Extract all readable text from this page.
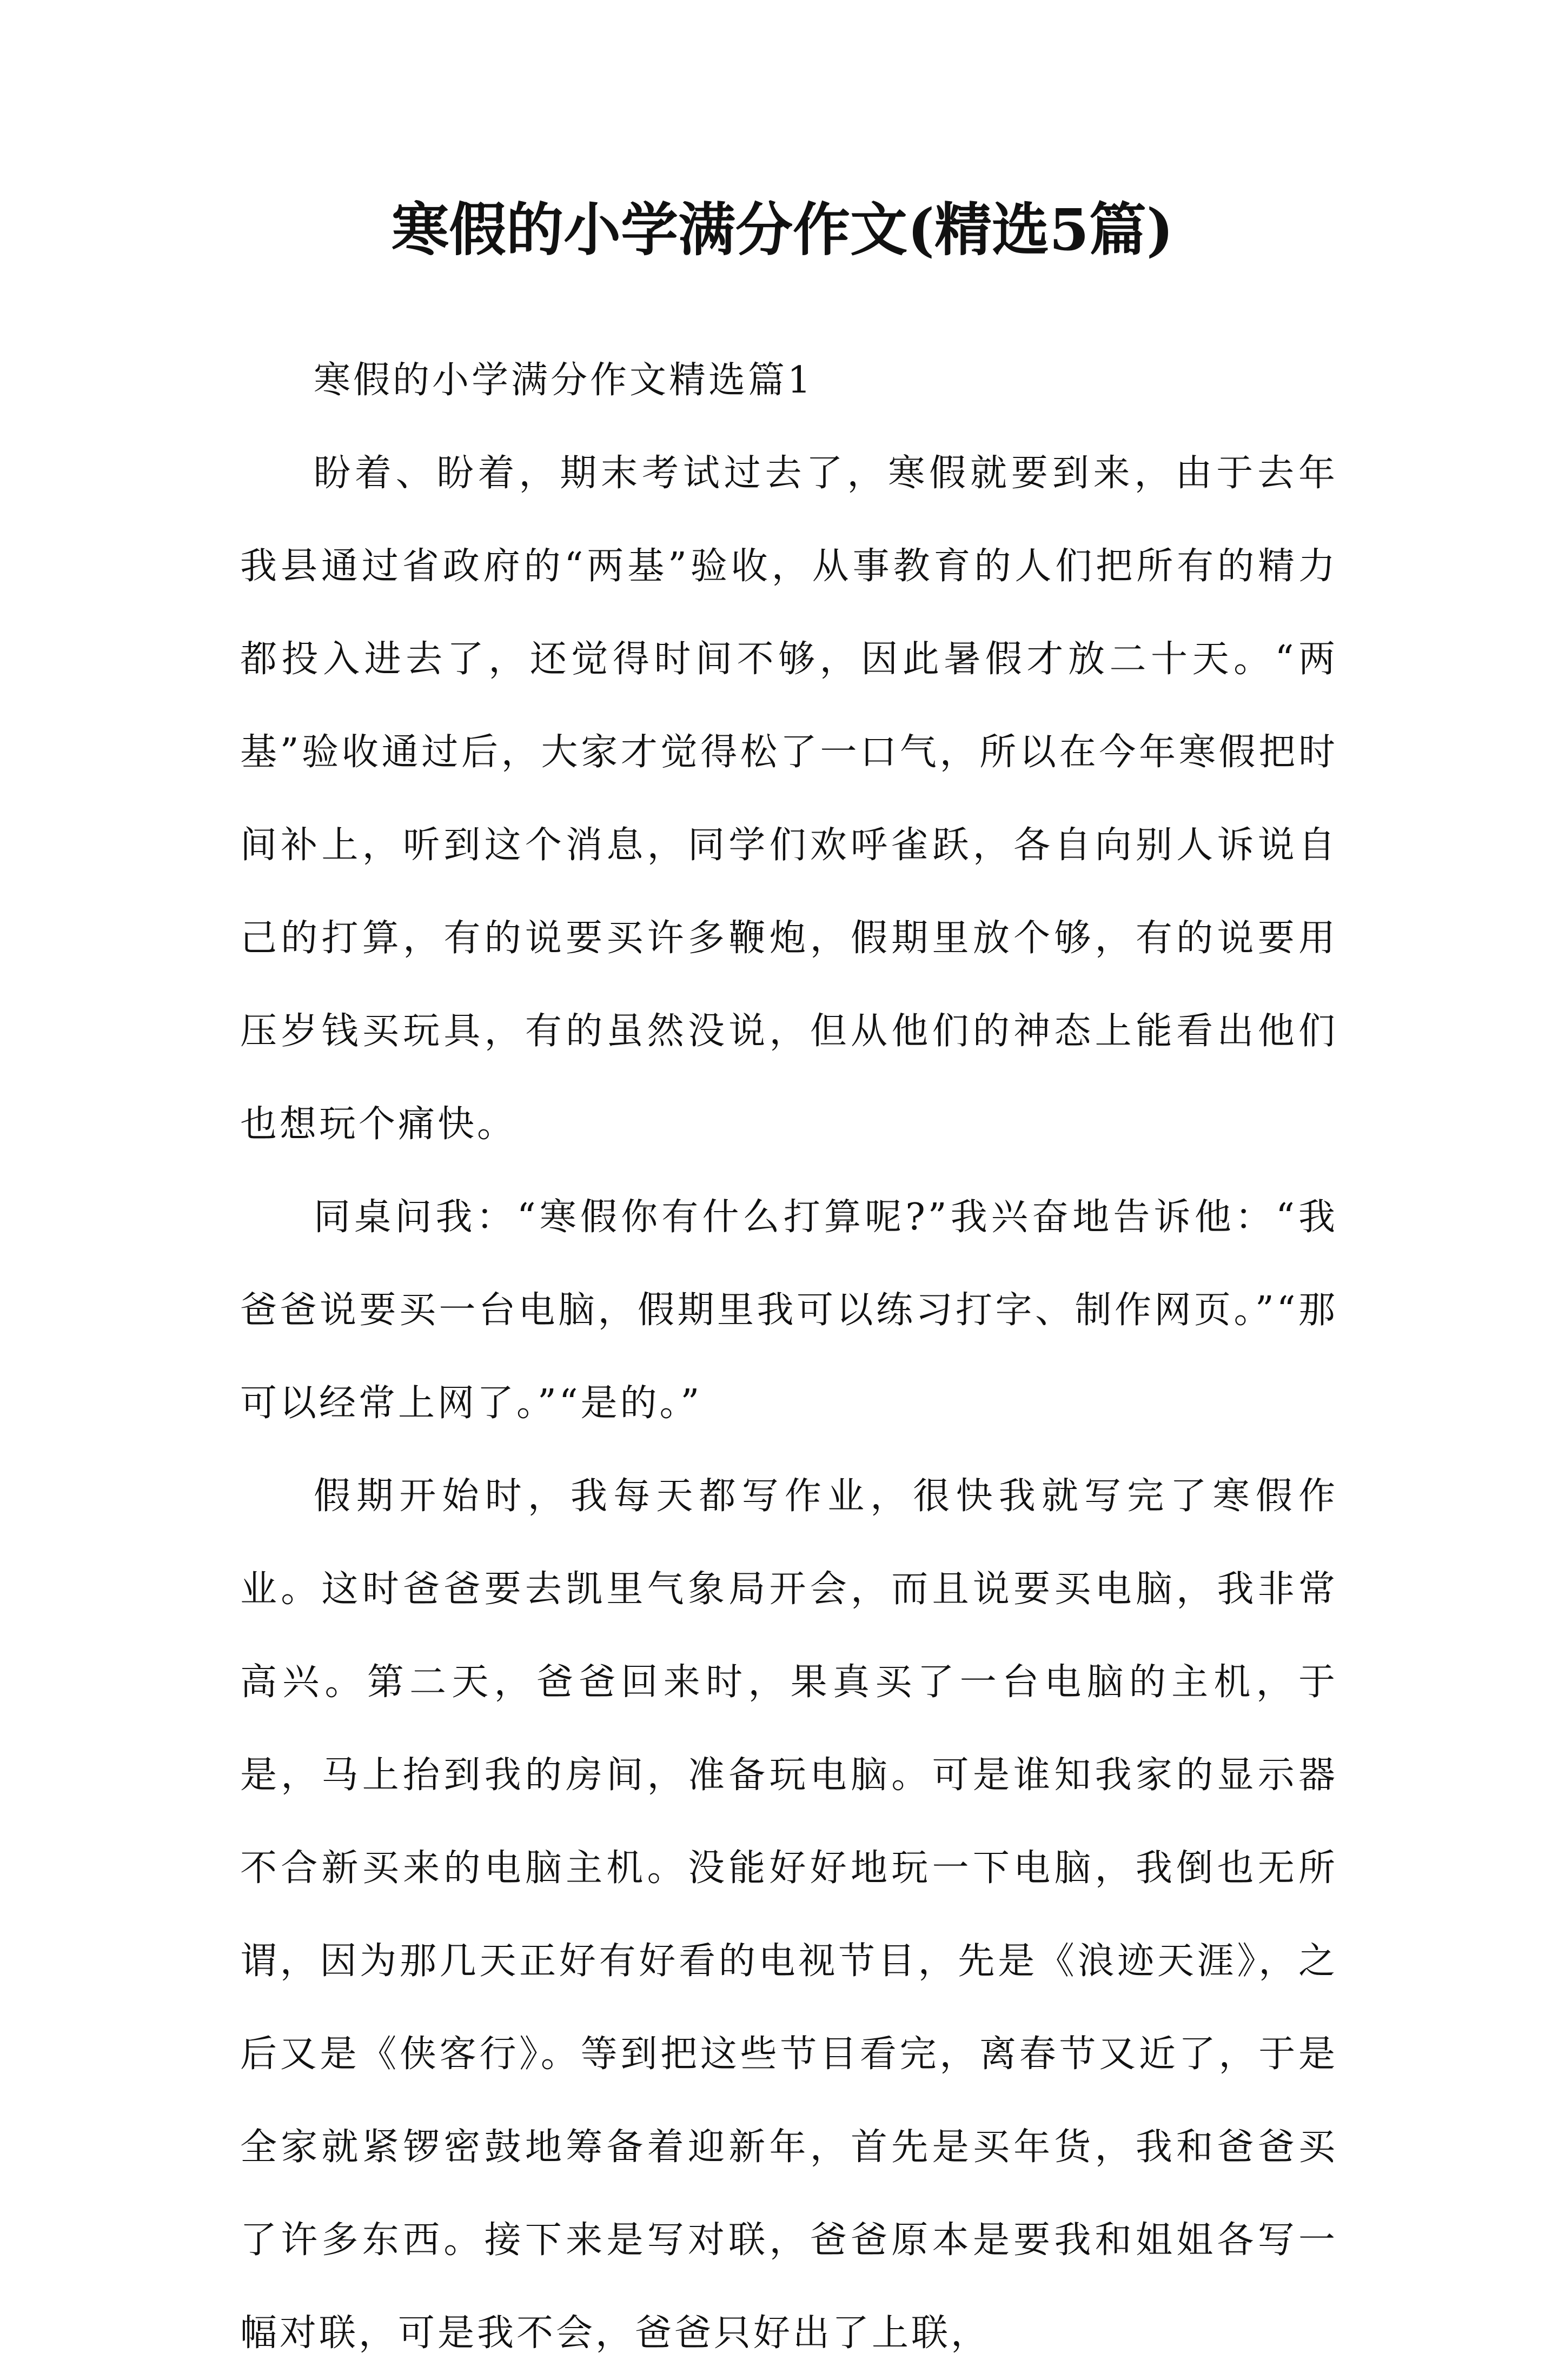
寒假的小学满分作文(精选5篇)

寒假的小学满分作文精选篇1

盼着、盼着，期末考试过去了，寒假就要到来，由于去年我县通过省政府的“两基”验收，从事教育的人们把所有的精力都投入进去了，还觉得时间不够，因此暑假才放二十天。“两基”验收通过后，大家才觉得松了一口气，所以在今年寒假把时间补上，听到这个消息，同学们欢呼雀跃，各自向别人诉说自己的打算，有的说要买许多鞭炮，假期里放个够，有的说要用压岁钱买玩具，有的虽然没说，但从他们的神态上能看出他们也想玩个痛快。

同桌问我：“寒假你有什么打算呢?”我兴奋地告诉他：“我爸爸说要买一台电脑，假期里我可以练习打字、制作网页。”“那可以经常上网了。”“是的。”

假期开始时，我每天都写作业，很快我就写完了寒假作业。这时爸爸要去凯里气象局开会，而且说要买电脑，我非常高兴。第二天，爸爸回来时，果真买了一台电脑的主机，于是，马上抬到我的房间，准备玩电脑。可是谁知我家的显示器不合新买来的电脑主机。没能好好地玩一下电脑，我倒也无所谓，因为那几天正好有好看的电视节目，先是《浪迹天涯》，之后又是《侠客行》。等到把这些节目看完，离春节又近了，于是全家就紧锣密鼓地筹备着迎新年，首先是买年货，我和爸爸买了许多东西。接下来是写对联，爸爸原本是要我和姐姐各写一幅对联，可是我不会，爸爸只好出了上联，
